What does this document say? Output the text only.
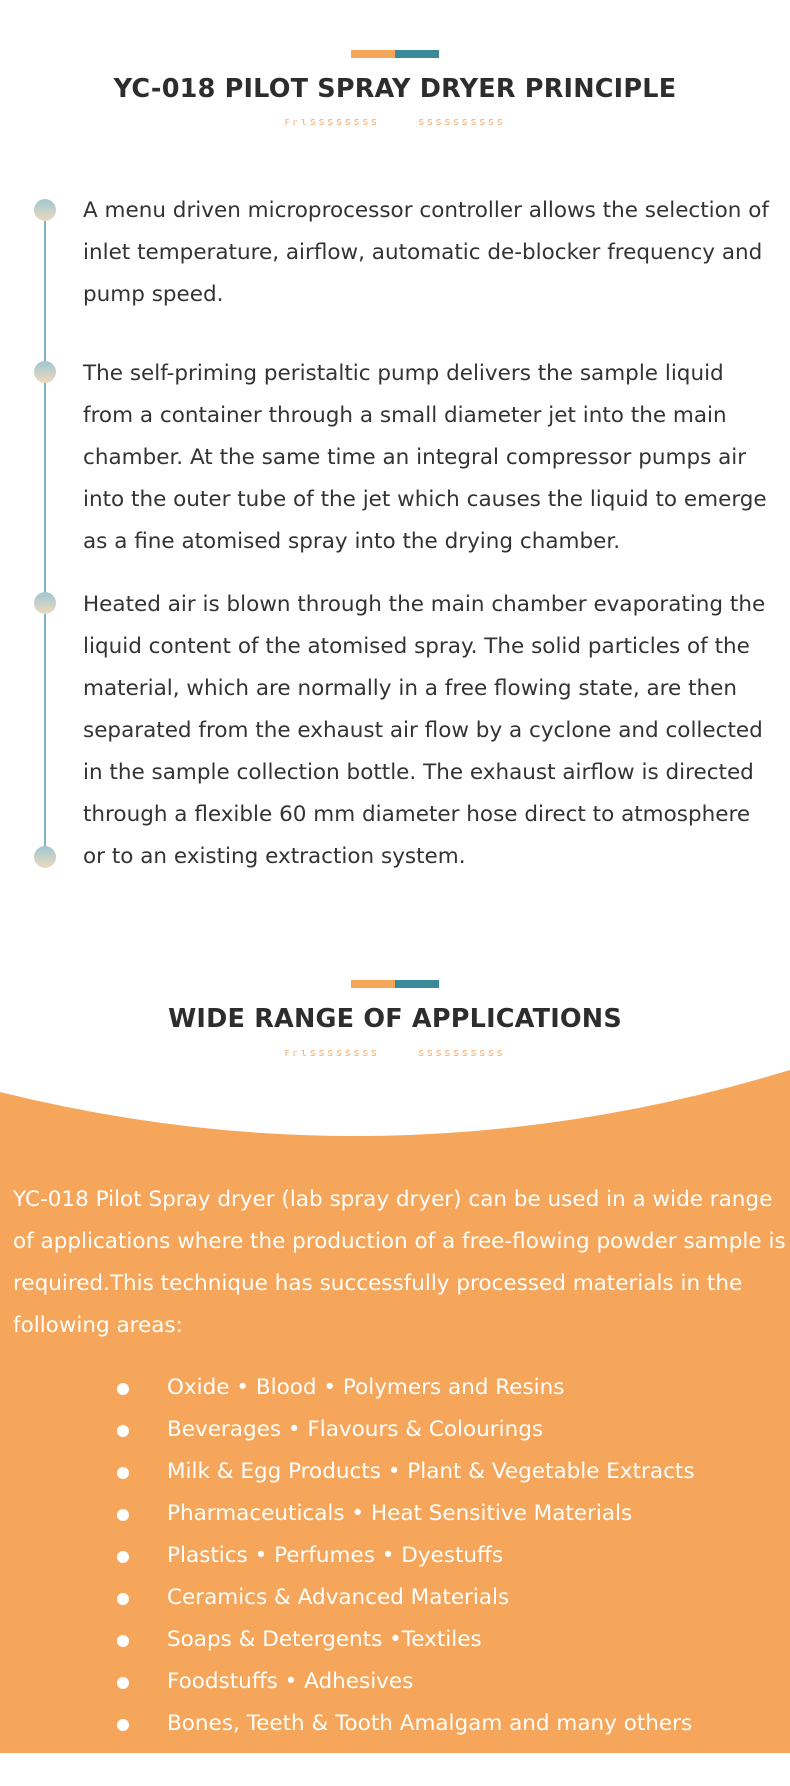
YC-018 PILOT SPRAY DRYER PRINCIPLE
ꜰᴦɩꜱꜱꜱꜱꜱꜱꜱꜱ    ꜱꜱꜱꜱꜱꜱꜱꜱꜱꜱ
A menu driven microprocessor controller allows the selection of inlet temperature, airflow, automatic de-blocker frequency and pump speed.
The self-priming peristaltic pump delivers the sample liquid from a container through a small diameter jet into the main chamber. At the same time an integral compressor pumps air into the outer tube of the jet which causes the liquid to emerge as a fine atomised spray into the drying chamber.
Heated air is blown through the main chamber evaporating the liquid content of the atomised spray. The solid particles of the material, which are normally in a free flowing state, are then separated from the exhaust air flow by a cyclone and collected in the sample collection bottle. The exhaust airflow is directed through a flexible 60 mm diameter hose direct to atmosphere or to an existing extraction system.
WIDE RANGE OF APPLICATIONS
ꜰᴦɩꜱꜱꜱꜱꜱꜱꜱꜱ    ꜱꜱꜱꜱꜱꜱꜱꜱꜱꜱ
YC-018 Pilot Spray dryer (lab spray dryer) can be used in a wide range of applications where the production of a free-flowing powder sample is required.This technique has successfully processed materials in the following areas:
Oxide • Blood • Polymers and Resins
Beverages • Flavours & Colourings
Milk & Egg Products • Plant & Vegetable Extracts
Pharmaceuticals • Heat Sensitive Materials
Plastics • Perfumes • Dyestuffs
Ceramics & Advanced Materials
Soaps & Detergents •Textiles
Foodstuffs • Adhesives
Bones, Teeth & Tooth Amalgam and many others
